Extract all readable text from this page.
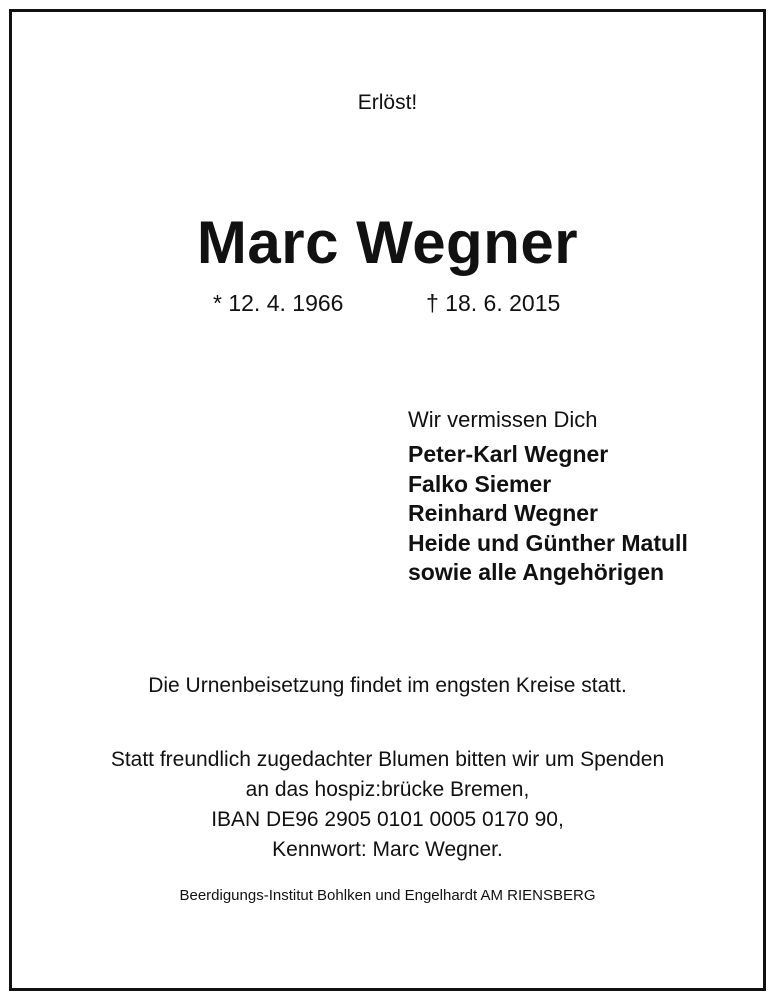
Erlöst!
Marc Wegner
* 12. 4. 1966	† 18. 6. 2015
Wir vermissen Dich
Peter-Karl Wegner
Falko Siemer
Reinhard Wegner
Heide und Günther Matull
sowie alle Angehörigen
Die Urnenbeisetzung findet im engsten Kreise statt.
Statt freundlich zugedachter Blumen bitten wir um Spenden
an das hospiz:brücke Bremen,
IBAN DE96 2905 0101 0005 0170 90,
Kennwort: Marc Wegner.
Beerdigungs-Institut Bohlken und Engelhardt AM RIENSBERG
